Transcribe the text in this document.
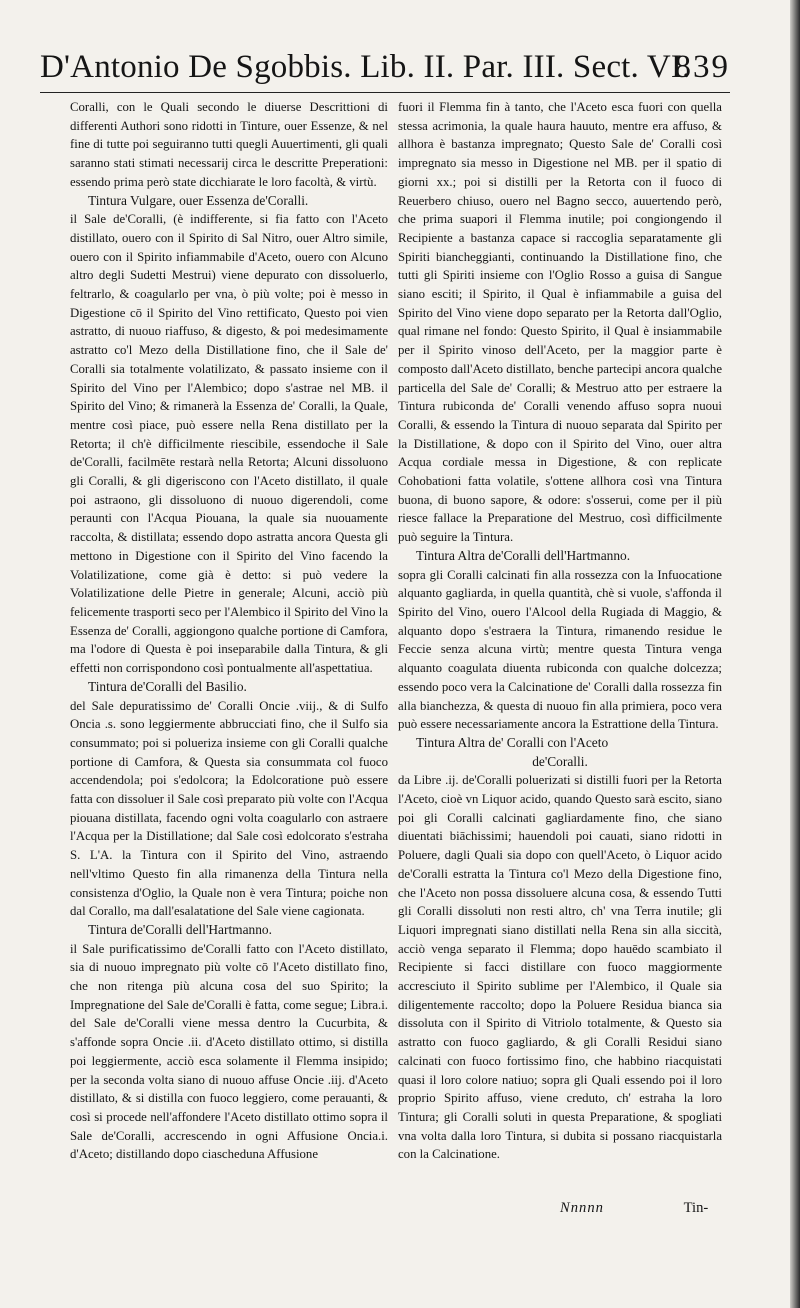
D'Antonio De Sgobbis. Lib. II. Par. III. Sect. VI.
839

Coralli, con le Quali secondo le diuerse Descrittioni di differenti Authori sono ridotti in Tinture, ouer Essenze, & nel fine di tutte poi seguiranno tutti quegli Auuertimenti, gli quali saranno stati stimati necessarij circa le descritte Preperationi: essendo prima però state dicchiarate le loro facoltà, & virtù.

Tintura Vulgare, ouer Essenza de'Coralli.

il Sale de'Coralli, (è indifferente, si fia fatto con l'Aceto distillato, ouero con il Spirito di Sal Nitro, ouer Altro simile, ouero con il Spirito infiammabile d'Aceto, ouero con Alcuno altro degli Sudetti Mestrui) viene depurato con dissoluerlo, feltrarlo, & coagularlo per vna, ò più volte; poi è messo in Digestione cō il Spirito del Vino rettificato, Questo poi vien astratto, di nuouo riaffuso, & digesto, & poi medesimamente astratto co'l Mezo della Distillatione fino, che il Sale de' Coralli sia totalmente volatilizato, & passato insieme con il Spirito del Vino per l'Alembico; dopo s'astrae nel MB. il Spirito del Vino; & rimanerà la Essenza de' Coralli, la Quale, mentre così piace, può essere nella Rena distillato per la Retorta; il ch'è difficilmente riescibile, essendoche il Sale de'Coralli, facilmēte restarà nella Retorta; Alcuni dissoluono gli Coralli, & gli digerisconο con l'Aceto distillato, il quale poi astraono, gli dissoluono di nuouo digerendoli, come peraunti con l'Acqua Piouana, la quale sia nuouamente raccolta, & distillata; essendo dopo astratta ancora Questa gli mettono in Digestione con il Spirito del Vino facendo la Volatilizatione, come già è detto: si può vedere la Volatilizatione delle Pietre in generale; Alcuni, acciò più felicemente trasporti seco per l'Alembico il Spirito del Vino la Essenza de' Coralli, aggiongono qualche portione di Camfora, ma l'odore di Questa è poi inseparabile dalla Tintura, & gli effetti non corrispondono così pontualmente all'aspettatiua.

Tintura de'Coralli del Basilio.

del Sale depuratissimo de' Coralli Oncie .viij., & di Sulfo Oncia .s. sono leggiermente abbrucciati fino, che il Sulfo sia consummato; poi si polueriza insieme con gli Coralli qualche portione di Camfora, & Questa sia consummata col fuoco accendendola; poi s'edolcora; la Edolcoratione può essere fatta con dissoluer il Sale così preparato più volte con l'Acqua piouana distillata, facendo ogni volta coagularlo con astraere l'Acqua per la Distillatione; dal Sale così edolcorato s'estraha S. L'A. la Tintura con il Spirito del Vino, astraendo nell'vltimo Questo fin alla rimanenza della Tintura nella consistenza d'Oglio, la Quale non è vera Tintura; poiche non dal Corallo, ma dall'esalatatione del Sale viene cagionata.

Tintura de'Coralli dell'Hartmanno.

il Sale purificatissimo de'Coralli fatto con l'Aceto distillato, sia di nuouo impregnato più volte cō l'Aceto distillato fino, che non ritenga più alcuna cosa del suo Spirito; la Impregnatione del Sale de'Coralli è fatta, come segue; Libra.i. del Sale de'Coralli viene messa dentro la Cucurbita, & s'affonde sopra Oncie .ii. d'Aceto distillato ottimo, si distilla poi leggiermente, acciò esca solamente il Flemma insipido; per la seconda volta siano di nuouo affuse Oncie .iij. d'Aceto distillato, & si distilla con fuoco leggiero, come perauanti, & così si procede nell'affondere l'Aceto distillato ottimo sopra il Sale de'Coralli, accrescendo in ogni Affusione Oncia.i. d'Aceto; distillando dopo ciascheduna Affusione

fuori il Flemma fin à tanto, che l'Aceto esca fuori con quella stessa acrimonia, la quale haura hauuto, mentre era affuso, & allhora è bastanza impregnato; Questo Sale de' Coralli così impregnato sia messo in Digestione nel MB. per il spatio di giorni xx.; poi si distilli per la Retorta con il fuoco di Reuerbero chiuso, ouero nel Bagno secco, auuertendo però, che prima suapori il Flemma inutile; poi congiongendo il Recipiente a bastanza capace si raccoglia separatamente gli Spiriti biancheggianti, continuando la Distillatione fino, che tutti gli Spiriti insieme con l'Oglio Rosso a guisa di Sangue siano esciti; il Spirito, il Qual è infiammabile a guisa del Spirito del Vino viene dopo separato per la Retorta dall'Oglio, qual rimane nel fondo: Questo Spirito, il Qual è insiammabile per il Spirito vinoso dell'Aceto, per la maggior parte è composto dall'Aceto distillato, benche partecipi ancora qualche particella del Sale de' Coralli; & Mestruo atto per estraere la Tintura rubiconda de' Coralli venendo affuso sopra nuoui Coralli, & essendo la Tintura di nuouo separata dal Spirito per la Distillatione, & dopo con il Spirito del Vino, ouer altra Acqua cordiale messa in Digestione, & con replicate Cohobationi fatta volatile, s'ottene allhora così vna Tintura buona, di buono sapore, & odore: s'osserui, come per il più riesce fallace la Preparatione del Mestruo, così difficilmente può seguire la Tintura.

Tintura Altra de'Coralli dell'Hartmanno.

sopra gli Coralli calcinati fin alla rossezza con la Infuocatione alquanto gagliarda, in quella quantità, chè si vuole, s'affonda il Spirito del Vino, ouero l'Alcool della Rugiada di Maggio, & alquanto dopo s'estraera la Tintura, rimanendo residue le Feccie senza alcuna virtù; mentre questa Tintura venga alquanto coagulata diuenta rubiconda con qualche dolcezza; essendo poco vera la Calcinatione de' Coralli dalla rossezza fin alla bianchezza, & questa di nuouo fin alla primiera, poco vera può essere necessariamente ancora la Estrattione della Tintura.

Tintura Altra de' Coralli con l'Aceto
de'Coralli.

da Libre .ij. de'Coralli poluerizati si distilli fuori per la Retorta l'Aceto, cioè vn Liquor acido, quando Questo sarà escito, siano poi gli Coralli calcinati gagliardamente fino, che siano diuentati biāchissimi; hauendoli poi cauati, siano ridotti in Poluere, dagli Quali sia dopo con quell'Aceto, ò Liquor acido de'Coralli estratta la Tintura co'l Mezo della Digestione fino, che l'Aceto non possa dissoluere alcuna cosa, & essendo Tutti gli Coralli dissoluti non resti altro, ch' vna Terra inutile; gli Liquori impregnati siano distillati nella Rena sin alla siccità, acciò venga separato il Flemma; dopo hauēdo scambiato il Recipiente si facci distillare con fuoco maggiormente accresciuto il Spirito sublime per l'Alembico, il Quale sia diligentemente raccolto; dopo la Poluere Residua bianca sia dissoluta con il Spirito di Vitriolo totalmente, & Questo sia astratto con fuoco gagliardo, & gli Coralli Residui siano calcinati con fuoco fortissimo fino, che habbino riacquistati quasi il loro colore natiuo; sopra gli Quali essendo poi il loro proprio Spirito affuso, viene creduto, ch' estraha la loro Tintura; gli Coralli soluti in questa Preparatione, & spogliati vna volta dalla loro Tintura, si dubita si possano riacquistarla con la Calcinatione.

Nnnnn	Tin-
